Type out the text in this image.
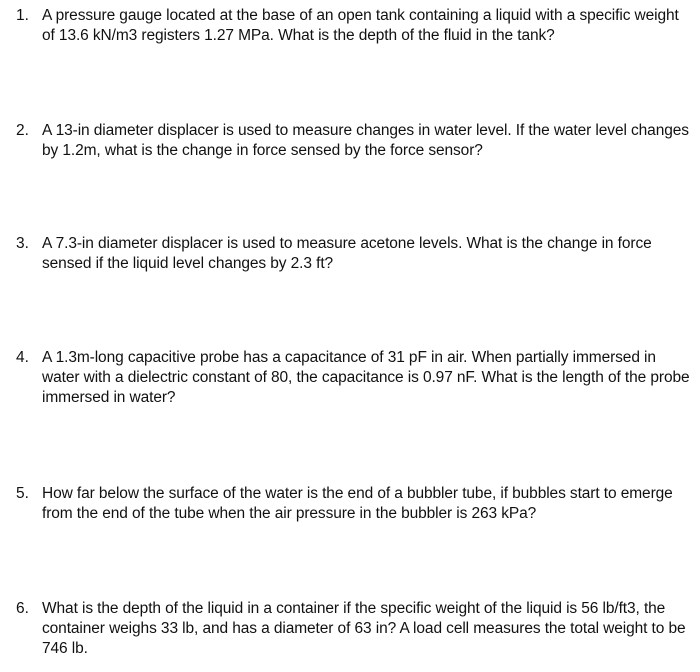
1. A pressure gauge located at the base of an open tank containing a liquid with a specific weight of 13.6 kN/m3 registers 1.27 MPa. What is the depth of the fluid in the tank?
2. A 13-in diameter displacer is used to measure changes in water level. If the water level changes by 1.2m, what is the change in force sensed by the force sensor?
3. A 7.3-in diameter displacer is used to measure acetone levels. What is the change in force sensed if the liquid level changes by 2.3 ft?
4. A 1.3m-long capacitive probe has a capacitance of 31 pF in air. When partially immersed in water with a dielectric constant of 80, the capacitance is 0.97 nF. What is the length of the probe immersed in water?
5. How far below the surface of the water is the end of a bubbler tube, if bubbles start to emerge from the end of the tube when the air pressure in the bubbler is 263 kPa?
6. What is the depth of the liquid in a container if the specific weight of the liquid is 56 lb/ft3, the container weighs 33 lb, and has a diameter of 63 in? A load cell measures the total weight to be 746 lb.
